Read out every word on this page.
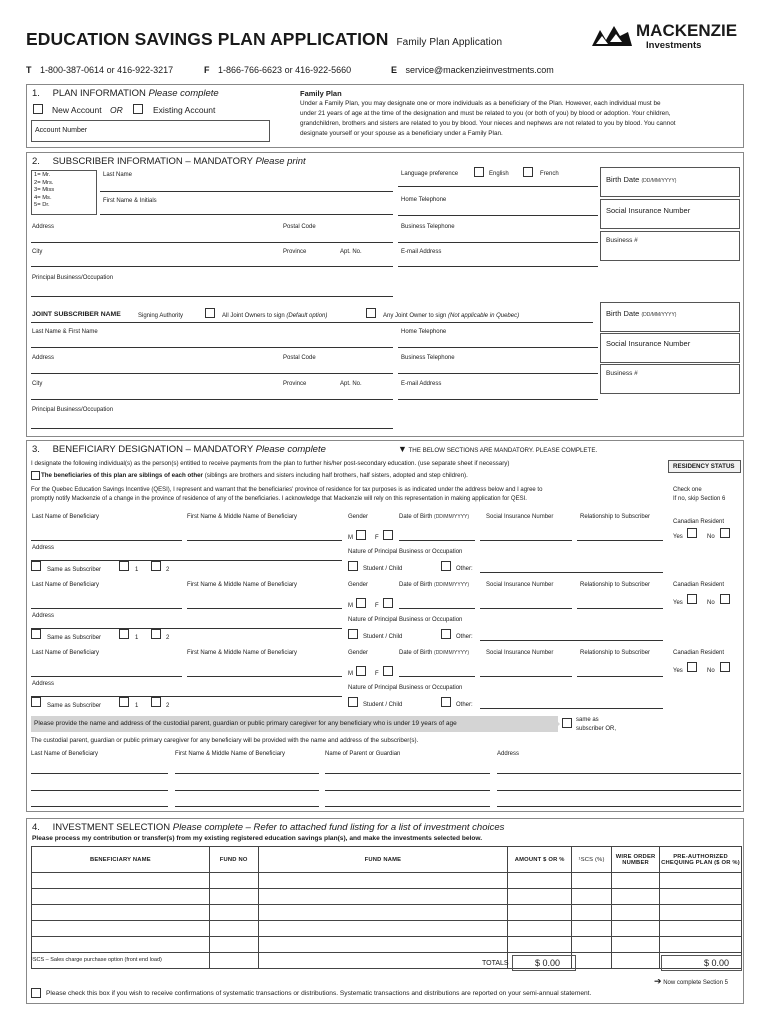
EDUCATION SAVINGS PLAN APPLICATION Family Plan Application
MACKENZIE
Investments
T 1-800-387-0614 or 416-922-3217	F 1-866-766-6623 or 416-922-5660	E service@mackenzieinvestments.com
1. PLAN INFORMATION Please complete
New Account OR	Existing Account
Account Number
Family Plan
Under a Family Plan, you may designate one or more individuals as a beneficiary of the Plan. However, each individual must be
under 21 years of age at the time of the designation and must be related to you (or both of you) by blood or adoption. Your children,
grandchildren, brothers and sisters are related to you by blood. Your nieces and nephews are not related to you by blood. You cannot
designate yourself or your spouse as a beneficiary under a Family Plan.
2. SUBSCRIBER INFORMATION – MANDATORY Please print
1= Mr.
2= Mrs.
3= Miss
4= Ms.
5= Dr.
Last Name
First Name & Initials
Address	Postal Code
City	Province	Apt. No.
Principal Business/Occupation
Language preference	English	French
Home Telephone
Business Telephone
E-mail Address
Birth Date (DD/MM/YYYY)
Social Insurance Number
Business #
JOINT SUBSCRIBER NAME	Signing Authority	All Joint Owners to sign (Default option)	Any Joint Owner to sign (Not applicable in Quebec)
Last Name & First Name	Home Telephone
Address	Postal Code	Business Telephone
City	Province	Apt. No.	E-mail Address
Principal Business/Occupation
Birth Date (DD/MM/YYYY)
Social Insurance Number
Business #
3. BENEFICIARY DESIGNATION – MANDATORY Please complete	▼ THE BELOW SECTIONS ARE MANDATORY. PLEASE COMPLETE.
I designate the following individual(s) as the person(s) entitled to receive payments from the plan to further his/her post-secondary education. (use separate sheet if necessary)
The beneficiaries of this plan are siblings of each other (siblings are brothers and sisters including half brothers, half sisters, adopted and step children).
For the Quebec Education Savings Incentive (QESI), I represent and warrant that the beneficiaries' province of residence for tax purposes is as indicated under the address below and I agree to
promptly notify Mackenzie of a change in the province of residence of any of the beneficiaries. I acknowledge that Mackenzie will rely on this representation in making application for QESI.
RESIDENCY STATUS
Check one
If no, skip Section 6
Last Name of Beneficiary	First Name & Middle Name of Beneficiary	Gender	Date of Birth (DD/MM/YYYY)	Social Insurance Number	Relationship to Subscriber
Canadian Resident
M	F	Yes	No
Address
Nature of Principal Business or Occupation
Student / Child	Other:
Same as Subscriber	1	2
Last Name of Beneficiary	First Name & Middle Name of Beneficiary	Gender	Date of Birth (DD/MM/YYYY)	Social Insurance Number	Relationship to Subscriber	Canadian Resident
M	F	Yes	No
Address
Nature of Principal Business or Occupation
Student / Child	Other:
Same as Subscriber	1	2
Last Name of Beneficiary	First Name & Middle Name of Beneficiary	Gender	Date of Birth (DD/MM/YYYY)	Social Insurance Number	Relationship to Subscriber	Canadian Resident
M	F	Yes	No
Address
Nature of Principal Business or Occupation
Student / Child	Other:
Same as Subscriber	1	2
Please provide the name and address of the custodial parent, guardian or public primary caregiver for any beneficiary who is under 19 years of age	same as
subscriber OR,
The custodial parent, guardian or public primary caregiver for any beneficiary will be provided with the name and address of the subscriber(s).
Last Name of Beneficiary	First Name & Middle Name of Beneficiary	Name of Parent or Guardian	Address
4. INVESTMENT SELECTION Please complete – Refer to attached fund listing for a list of investment choices
Please process my contribution or transfer(s) from my existing registered education savings plan(s), and make the investments selected below.
BENEFICIARY NAME	FUND NO	FUND NAME	AMOUNT $ OR %	¹SCS (%)	WIRE ORDER NUMBER	PRE-AUTHORIZED CHEQUING PLAN ($ OR %)

¹SCS – Sales charge purchase option (front end load)	TOTALS	$ 0.00	$ 0.00
➔ Now complete Section 5
Please check this box if you wish to receive confirmations of systematic transactions or distributions. Systematic transactions and distributions are reported on your semi-annual statement.
